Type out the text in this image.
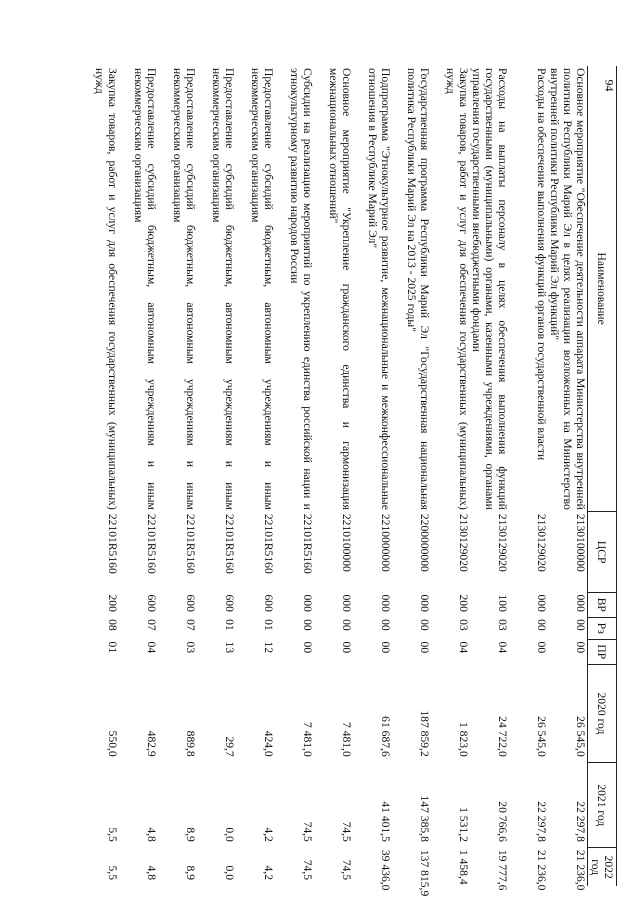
94
Наименование	ЦСР	ВР	Рз	ПР	2020 год	2021 год	2022 год
Основное мероприятие "Обеспечение деятельности аппарата Министерства внутренней политики Республики Марий Эл в целях реализации возложенных на Министерство внутренней политики Республики Марий Эл функций"	2130100000	000	00	00	26 545,0	22 297,8	21 236,0
Расходы на обеспечение выполнения функций органов государственной власти	2130129020	000	00	00	26 545,0	22 297,8	21 236,0
Расходы на выплаты персоналу в целях обеспечения выполнения функций государственными (муниципальными) органами, казенными учреждениями, органами управления государственными внебюджетными фондами	2130129020	100	03	04	24 722,0	20 766,6	19 777,6
Закупка товаров, работ и услуг для обеспечения государственных (муниципальных) нужд	2130129020	200	03	04	1 823,0	1 531,2	1 458,4
Государственная программа Республики Марий Эл "Государственная национальная политика Республики Марий Эл на 2013 - 2025 годы"	2200000000	000	00	00	187 859,2	147 385,8	137 815,9
Подпрограмма "Этнокультурное развитие, межнациональные и межконфессиональные отношения в Республике Марий Эл"	2210000000	000	00	00	61 687,6	41 401,5	39 436,0
Основное мероприятие "Укрепление гражданского единства и гармонизация межнациональных отношений"	2210100000	000	00	00	7 481,0	74,5	74,5
Субсидии на реализацию мероприятий по укреплению единства российской нации и этнокультурному развитию народов России	22101R5160	000	00	00	7 481,0	74,5	74,5
Предоставление субсидий бюджетным, автономным учреждениям и иным некоммерческим организациям	22101R5160	600	01	12	424,0	4,2	4,2
Предоставление субсидий бюджетным, автономным учреждениям и иным некоммерческим организациям	22101R5160	600	01	13	29,7	0,0	0,0
Предоставление субсидий бюджетным, автономным учреждениям и иным некоммерческим организациям	22101R5160	600	07	03	889,8	8,9	8,9
Предоставление субсидий бюджетным, автономным учреждениям и иным некоммерческим организациям	22101R5160	600	07	04	482,9	4,8	4,8
Закупка товаров, работ и услуг для обеспечения государственных (муниципальных) нужд	22101R5160	200	08	01	550,0	5,5	5,5
